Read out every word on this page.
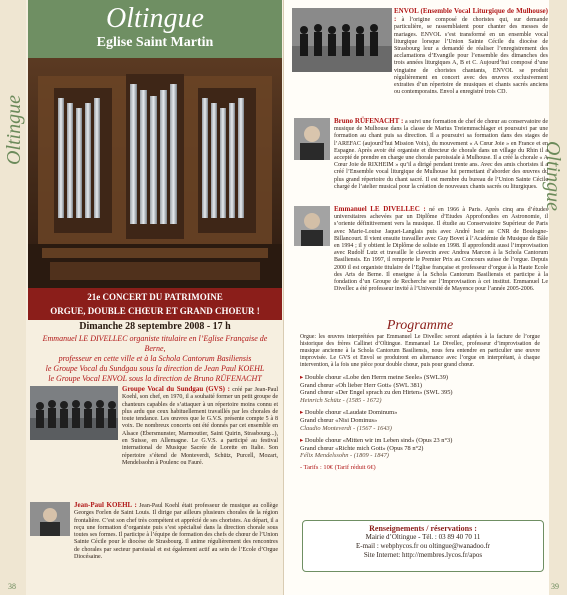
Oltingue
Oltingue
Eglise Saint Martin
21e CONCERT DU PATRIMOINE
ORGUE, DOUBLE CHŒUR ET GRAND CHOEUR !
Dimanche 28 septembre 2008 - 17 h
Emmanuel LE DIVELLEC organiste titulaire en l’Eglise Française de Berne,
professeur en cette ville et à la Schola Cantorum Basiliensis
le Groupe Vocal du Sundgau sous la direction de Jean Paul KOEHL
le Groupe Vocal ENVOL sous la direction de Bruno RÜFENACHT
Groupe Vocal du Sundgau (GVS) : créé par Jean-Paul Koehl, son chef, en 1970, il a souhaité former un petit groupe de chanteurs capables de s’attaquer à un répertoire moins connu et plus ardu que ceux habituellement travaillés par les chorales de toute tendance. Les œuvres que le G.V.S. présente compte 5 à 8 voix. De nombreux concerts ont été donnés par cet ensemble en Alsace (Ebersmunster, Marmoutier, Saint Quirin, Strasbourg...), en Suisse, en Allemagne. Le G.V.S. a participé au festival international de Musique Sacrée de Lorette en Italie. Son répertoire s’étend de Monteverdi, Schütz, Purcell, Mozart, Mendelssohn à Poulenc ou Fauré.
Jean-Paul KOEHL : Jean-Paul Koehl était professeur de musique au collège Georges Forlen de Saint Louis. Il dirige par ailleurs plusieurs chorales de la région frontalière. C’est son chef très compétent et apprécié de ses choristes. Au départ, il a reçu une formation d’organiste puis s’est spécialisé dans la direction chorale sous toutes ses formes. Il participe à l’équipe de formation des chefs de chœur de l’Union Sainte Cécile pour le diocèse de Strasbourg. Il anime régulièrement des rencontres de chorales par secteur paroissial et est également actif au sein de l’Ecole d’Orgue Diocésaine.
38
Oltingue
ENVOL (Ensemble Vocal Liturgique de Mulhouse) : à l’origine composé de choristes qui, sur demande particulière, se rassemblaient pour chanter des messes de mariages. ENVOL s’est transformé en un ensemble vocal liturgique lorsque l’Union Sainte Cécile du diocèse de Strasbourg leur a demandé de réaliser l’enregistrement des acclamations d’Evangile pour l’ensemble des dimanches des trois années liturgiques A, B et C. Aujourd’hui composé d’une vingtaine de choristes chantants, ENVOL se produit régulièrement en concert avec des œuvres exclusivement extraites d’un répertoire de musiques et chants sacrés anciens ou contemporains. Envol a enregistré trois CD.
Bruno RÜFENACHT : a suivi une formation de chef de chœur au conservatoire de musique de Mulhouse dans la classe de Marius Treiemmschlager et poursuivi par une formation au chant puis sa direction. Il a poursuivi sa formation dans des stages de l’AREFAC (aujourd’hui Mission Voix), du mouvement « A Cœur Joie » en France et en Espagne. Après avoir été organiste et directeur de chorale dans un village du Rhin il a accepté de prendre en charge une chorale paroissiale à Mulhouse. Il a créé la chorale « A Cœur Joie de RIXHEIM » qu’il a dirigé pendant trente ans. Avec des amis choristes il a créé l’Ensemble vocal liturgique de Mulhouse lui permettant d’aborder des œuvres du plus grand répertoire du chant sacré. Il est membre du bureau de l’Union Sainte Cécile chargé de l’atelier musical pour la création de nouveaux chants sacrés ou liturgiques.
Emmanuel LE DIVELLEC : né en 1966 à Paris. Après cinq ans d’études universitaires achevées par un Diplôme d’Etudes Approfondies en Astronomie, il s’oriente définitivement vers la musique. Il étudie au Conservatoire Supérieur de Paris avec Marie-Louise Jaquet-Langlais puis avec André Isoir au CNR de Boulogne-Billancourt. Il vient ensuite travailler avec Guy Bovet à l’Académie de Musique de Bâle en 1994 ; il y obtient le Diplôme de soliste en 1998. Il approfondit aussi l’improvisation avec Rudolf Lutz et travaille le clavecin avec Andrea Marcon à la Schola Cantorum Basiliensis. En 1997, il remporte le Premier Prix au Concours suisse de l’orgue. Depuis 2000 il est organiste titulaire de l’Eglise française et professeur d’orgue à la Haute Ecole des Arts de Berne. Il enseigne à la Schola Cantorum Basiliensis et participe à la fondation d’un Groupe de Recherche sur l’Improvisation à cet institut. Emmanuel Le Divellec a été professeur invité à l’Université de Mayence pour l’année 2005-2006.
Programme
Orgue: les œuvres interprétées par Emmanuel Le Divellec seront adaptées à la facture de l’orgue historique des frères Callinet d’Oltingue. Emmanuel Le Divellec, professeur d’improvisation de musique ancienne à la Schola Cantorum Basiliensis, nous fera entendre en particulier une œuvre improvisée. Le GVS et Envol se produiront en alternance avec l’orgue en interprétant, à chaque intervention, à la fois une pièce pour double chœur, puis pour grand chœur.
▸ Double chœur «Lobe den Herrn meine Seele» (SWL39)
Grand chœur «Oh lieber Herr Gott» (SWL 381)
Grand chœur «Der Engel sprach zu den Hirten» (SWL 395)
Heinrich Schütz - (1585 - 1672)
▸ Double chœur «Laudate Dominum»
Grand chœur «Nisi Dominus»
Claudio Monteverdi - (1567 - 1643)
▸ Double chœur «Mitten wir im Leben sind» (Opus 23 n°3)
Grand chœur «Richte mich Gott» (Opus 78 n°2)
Félix Mendelssohn - (1809 - 1847)
- Tarifs : 10€ (Tarif réduit 6€)
Renseignements / réservations :
Mairie d’Oltingue - Tél. : 03 89 40 70 11
E-mail : webphycos.fr ou oltingue@wanadoo.fr
Site Internet: http://membres.lycos.fr/apos
39
